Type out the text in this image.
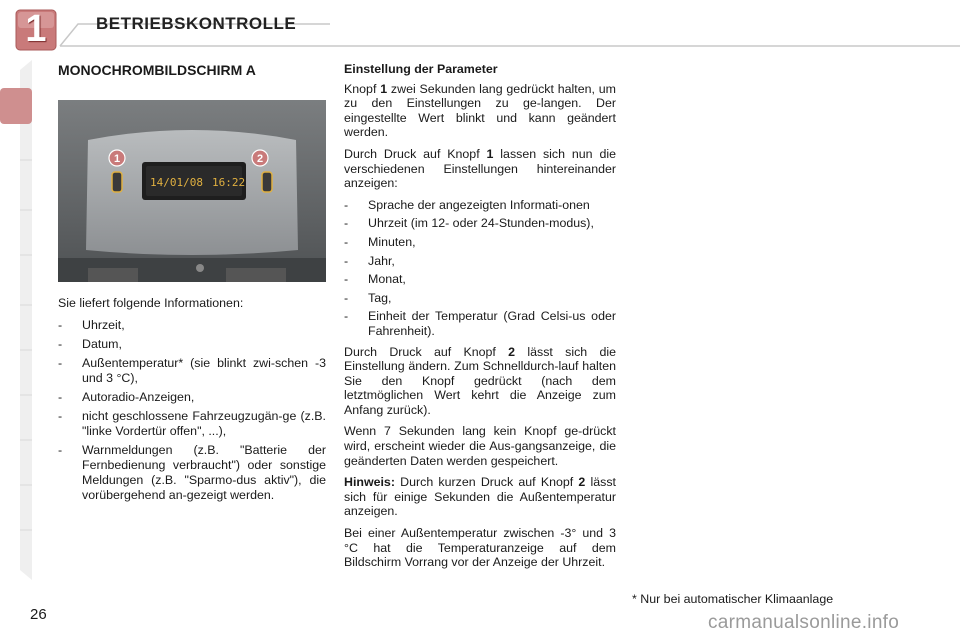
1	BETRIEBSKONTROLLE
MONOCHROMBILDSCHIRM A
14/01/08 16:22
1	2

Sie liefert folgende Informationen:

- Uhrzeit,
- Datum,
- Außentemperatur* (sie blinkt zwi-schen -3 und 3 °C),
- Autoradio-Anzeigen,
- nicht geschlossene Fahrzeugzugän-ge (z.B. "linke Vordertür offen", ...),
- Warnmeldungen (z.B. "Batterie der Fernbedienung verbraucht") oder sonstige Meldungen (z.B. "Sparmo-dus aktiv"), die vorübergehend an-gezeigt werden.
Einstellung der Parameter

Knopf 1 zwei Sekunden lang gedrückt halten, um zu den Einstellungen zu ge-langen. Der eingestellte Wert blinkt und kann geändert werden.

Durch Druck auf Knopf 1 lassen sich nun die verschiedenen Einstellungen hintereinander anzeigen:

- Sprache der angezeigten Informati-onen
- Uhrzeit (im 12- oder 24-Stunden-modus),
- Minuten,
- Jahr,
- Monat,
- Tag,
- Einheit der Temperatur (Grad Celsi-us oder Fahrenheit).

Durch Druck auf Knopf 2 lässt sich die Einstellung ändern. Zum Schnelldurch-lauf halten Sie den Knopf gedrückt (nach dem letztmöglichen Wert kehrt die Anzeige zum Anfang zurück).

Wenn 7 Sekunden lang kein Knopf ge-drückt wird, erscheint wieder die Aus-gangsanzeige, die geänderten Daten werden gespeichert.

Hinweis: Durch kurzen Druck auf Knopf 2 lässt sich für einige Sekunden die Außentemperatur anzeigen.

Bei einer Außentemperatur zwischen -3° und 3 °C hat die Temperaturanzeige auf dem Bildschirm Vorrang vor der Anzeige der Uhrzeit.

* Nur bei automatischer Klimaanlage
26	carmanualsonline.info
